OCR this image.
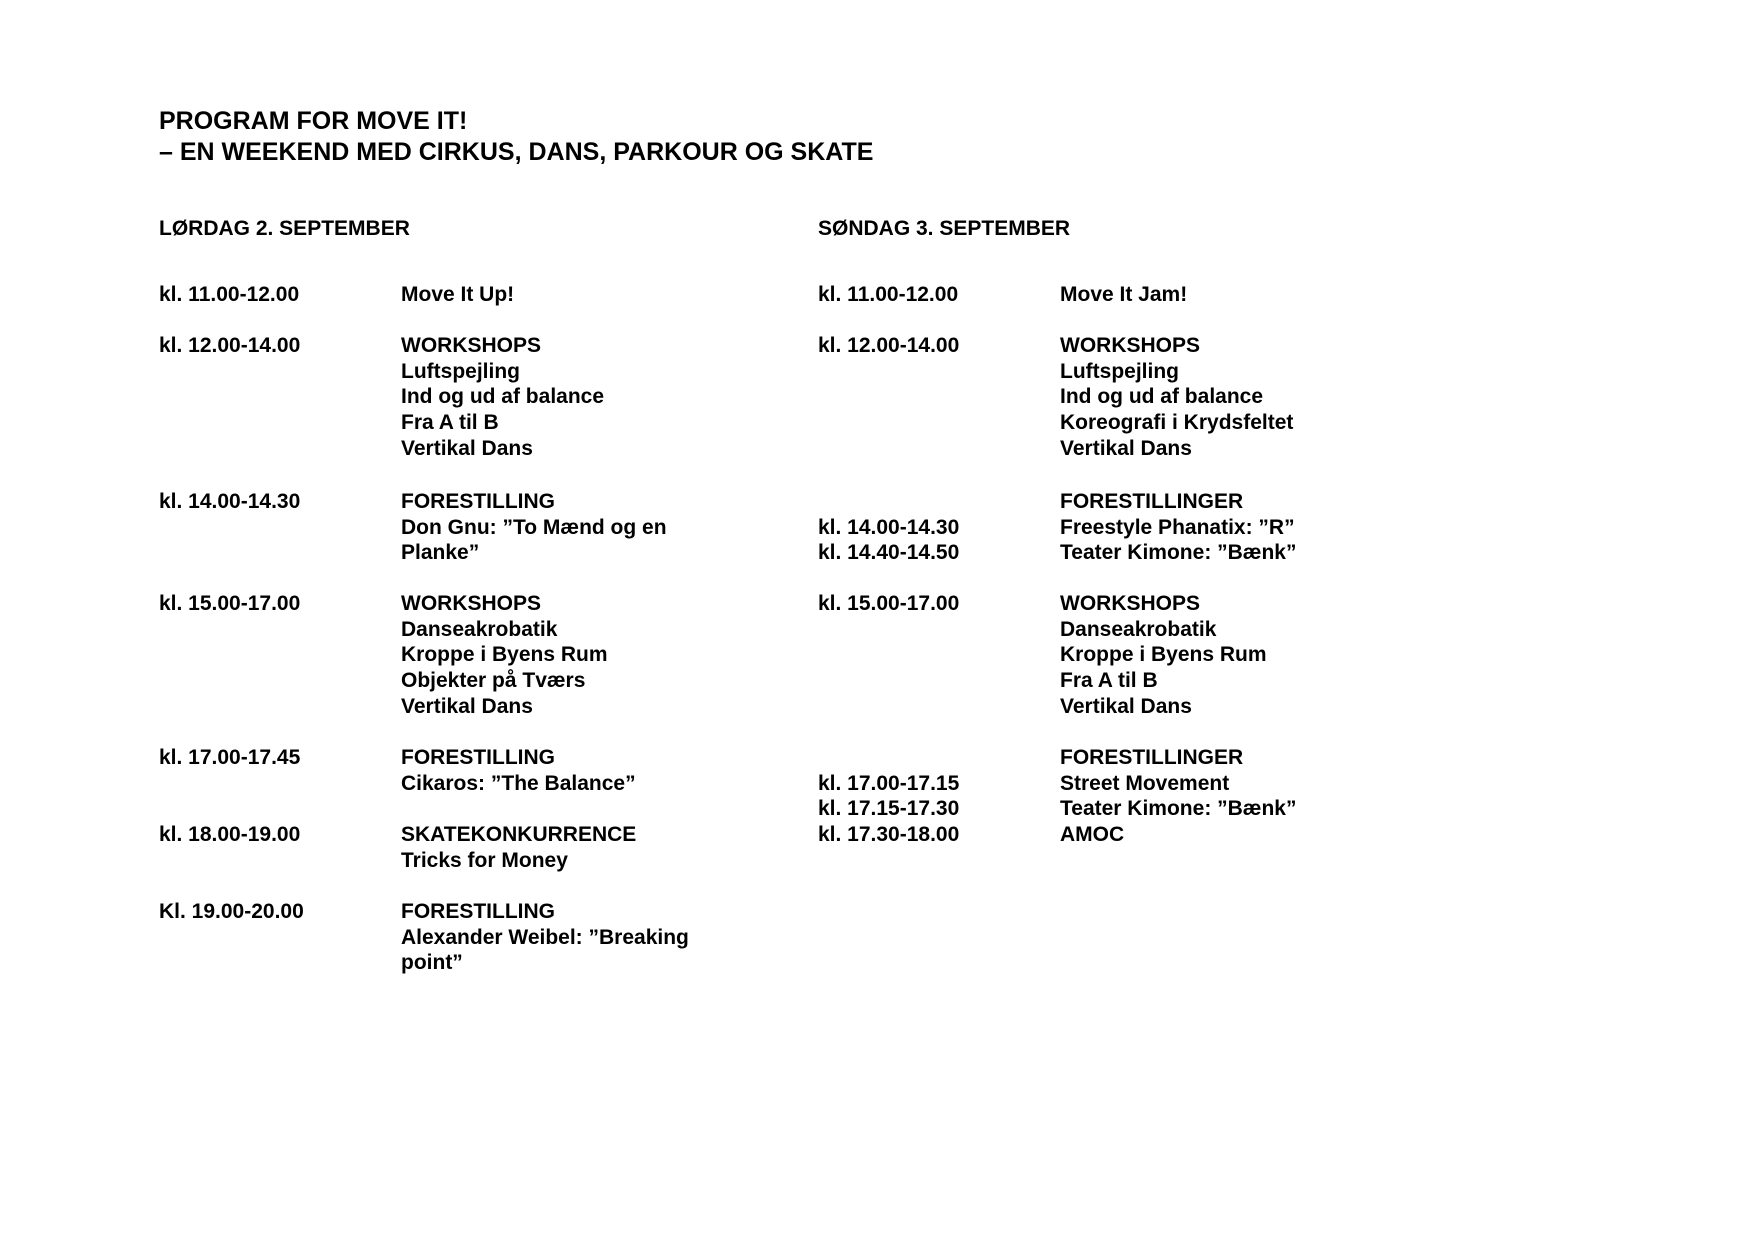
PROGRAM FOR MOVE IT!
– EN WEEKEND MED CIRKUS, DANS, PARKOUR OG SKATE
LØRDAG 2. SEPTEMBER
kl. 11.00-12.00	Move It Up!
kl. 12.00-14.00	WORKSHOPS
Luftspejling
Ind og ud af balance
Fra A til B
Vertikal Dans
kl. 14.00-14.30	FORESTILLING
Don Gnu: ”To Mænd og en
Planke”
kl. 15.00-17.00	WORKSHOPS
Danseakrobatik
Kroppe i Byens Rum
Objekter på Tværs
Vertikal Dans
kl. 17.00-17.45	FORESTILLING
Cikaros: ”The Balance”
kl. 18.00-19.00	SKATEKONKURRENCE
Tricks for Money
Kl. 19.00-20.00	FORESTILLING
Alexander Weibel: ”Breaking
point”
SØNDAG 3. SEPTEMBER
kl. 11.00-12.00	Move It Jam!
kl. 12.00-14.00	WORKSHOPS
Luftspejling
Ind og ud af balance
Koreografi i Krydsfeltet
Vertikal Dans
FORESTILLINGER
kl. 14.00-14.30	Freestyle Phanatix: ”R”
kl. 14.40-14.50	Teater Kimone: ”Bænk”
kl. 15.00-17.00	WORKSHOPS
Danseakrobatik
Kroppe i Byens Rum
Fra A til B
Vertikal Dans
FORESTILLINGER
kl. 17.00-17.15	Street Movement
kl. 17.15-17.30	Teater Kimone: ”Bænk”
kl. 17.30-18.00	AMOC
